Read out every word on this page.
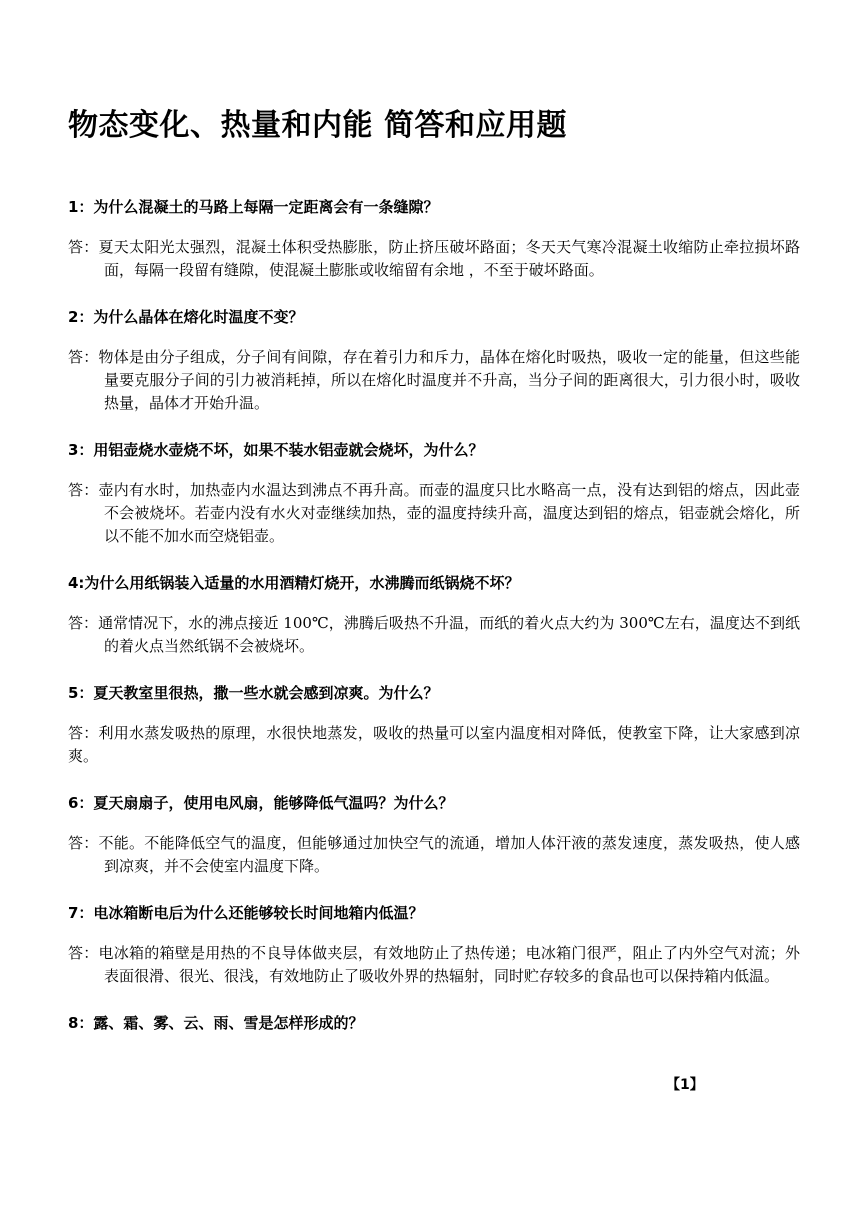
物态变化、热量和内能 简答和应用题

1：为什么混凝土的马路上每隔一定距离会有一条缝隙？

答：夏天太阳光太强烈，混凝土体积受热膨胀，防止挤压破坏路面；冬天天气寒冷混凝土收缩防止牵拉损坏路面，每隔一段留有缝隙，使混凝土膨胀或收缩留有余地 ，不至于破坏路面。

2：为什么晶体在熔化时温度不变？

答：物体是由分子组成，分子间有间隙，存在着引力和斥力，晶体在熔化时吸热，吸收一定的能量，但这些能量要克服分子间的引力被消耗掉，所以在熔化时温度并不升高，当分子间的距离很大，引力很小时，吸收热量，晶体才开始升温。

3：用铝壶烧水壶烧不坏，如果不装水铝壶就会烧坏，为什么？

答：壶内有水时，加热壶内水温达到沸点不再升高。而壶的温度只比水略高一点，没有达到铝的熔点，因此壶不会被烧坏。若壶内没有水火对壶继续加热，壶的温度持续升高，温度达到铝的熔点，铝壶就会熔化，所以不能不加水而空烧铝壶。

4:为什么用纸锅装入适量的水用酒精灯烧开，水沸腾而纸锅烧不坏？

答：通常情况下，水的沸点接近 100℃，沸腾后吸热不升温，而纸的着火点大约为 300℃左右，温度达不到纸的着火点当然纸锅不会被烧坏。

5：夏天教室里很热，撒一些水就会感到凉爽。为什么？

答：利用水蒸发吸热的原理，水很快地蒸发，吸收的热量可以室内温度相对降低，使教室下降，让大家感到凉爽。

6：夏天扇扇子，使用电风扇，能够降低气温吗？为什么？

答：不能。不能降低空气的温度，但能够通过加快空气的流通，增加人体汗液的蒸发速度，蒸发吸热，使人感到凉爽，并不会使室内温度下降。

7：电冰箱断电后为什么还能够较长时间地箱内低温？

答：电冰箱的箱壁是用热的不良导体做夹层，有效地防止了热传递；电冰箱门很严，阻止了内外空气对流；外表面很滑、很光、很浅，有效地防止了吸收外界的热辐射，同时贮存较多的食品也可以保持箱内低温。

8：露、霜、雾、云、雨、雪是怎样形成的？

【1】
